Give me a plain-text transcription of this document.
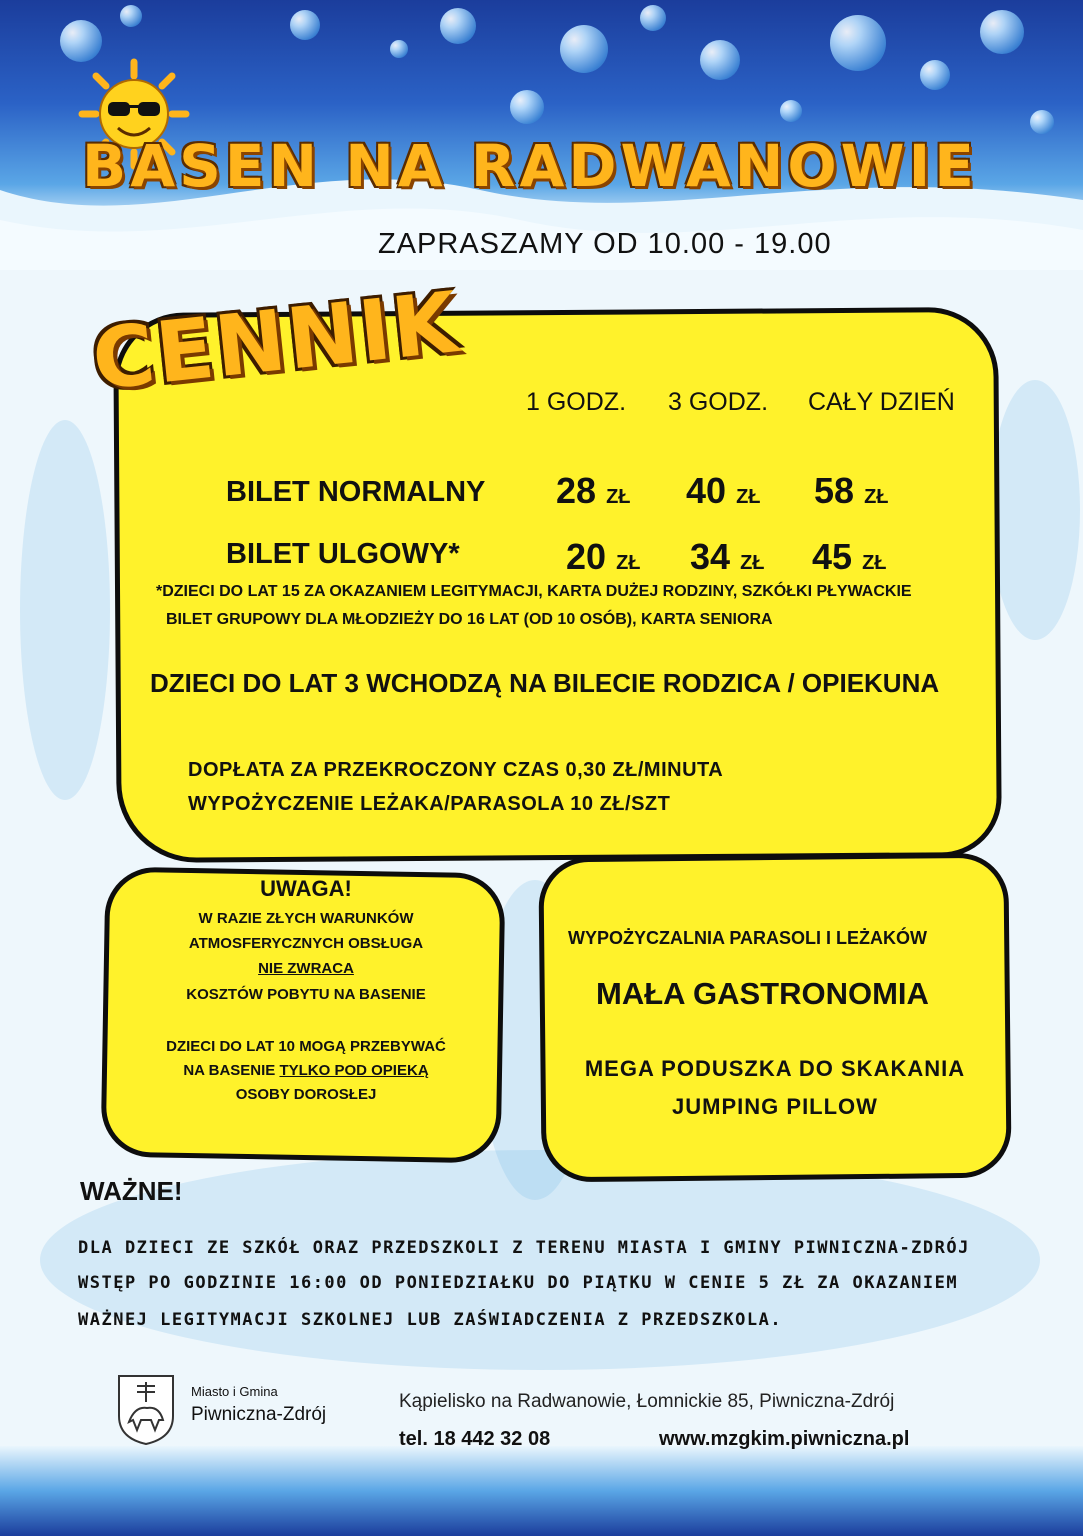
BASEN NA RADWANOWIE
ZAPRASZAMY OD 10.00 - 19.00
CENNIK 1 GODZ. 3 GODZ. CAŁY DZIEŃ
BILET NORMALNY 28 ZŁ 40 ZŁ 58 ZŁ
BILET ULGOWY*	20 ZŁ 34 ZŁ 45 ZŁ
*DZIECI DO LAT 15 ZA OKAZANIEM LEGITYMACJI, KARTA DUŻEJ RODZINY, SZKÓŁKI PŁYWACKIE
BILET GRUPOWY DLA MŁODZIEŻY DO 16 LAT (OD 10 OSÓB), KARTA SENIORA
DZIECI DO LAT 3 WCHODZĄ NA BILECIE RODZICA / OPIEKUNA
DOPŁATA ZA PRZEKROCZONY CZAS 0,30 ZŁ/MINUTA
WYPOŻYCZENIE LEŻAKA/PARASOLA 10 ZŁ/SZT
UWAGA!
W RAZIE ZŁYCH WARUNKÓW
ATMOSFERYCZNYCH OBSŁUGA
NIE ZWRACA
KOSZTÓW POBYTU NA BASENIE
DZIECI DO LAT 10 MOGĄ PRZEBYWAĆ
NA BASENIE TYLKO POD OPIEKĄ
OSOBY DOROSŁEJ
WYPOŻYCZALNIA PARASOLI I LEŻAKÓW
MAŁA GASTRONOMIA
MEGA PODUSZKA DO SKAKANIA
JUMPING PILLOW
WAŻNE!
DLA DZIECI ZE SZKÓŁ ORAZ PRZEDSZKOLI Z TERENU MIASTA I GMINY PIWNICZNA-ZDRÓJ
WSTĘP PO GODZINIE 16:00 OD PONIEDZIAŁKU DO PIĄTKU W CENIE 5 ZŁ ZA OKAZANIEM
WAŻNEJ LEGITYMACJI SZKOLNEJ LUB ZAŚWIADCZENIA Z PRZEDSZKOLA.
Miasto i Gmina
Piwniczna-Zdrój
Kąpielisko na Radwanowie, Łomnickie 85, Piwniczna-Zdrój
tel. 18 442 32 08	www.mzgkim.piwniczna.pl
